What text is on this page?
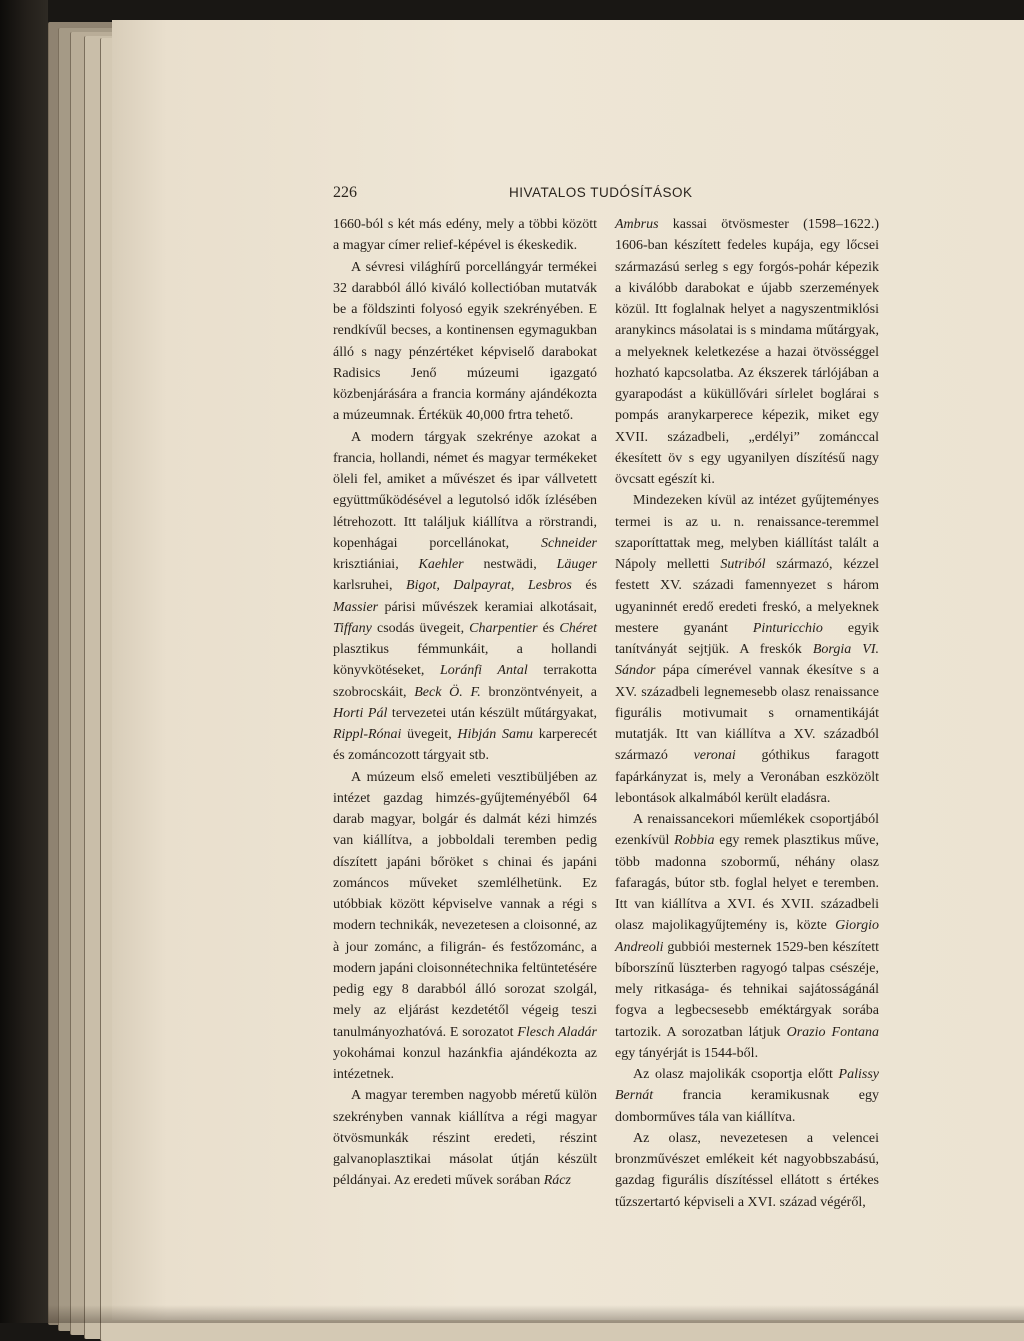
226	HIVATALOS TUDÓSÍTÁSOK

1660-ból s két más edény, mely a többi között a magyar címer relief-képével is ékeskedik.

A sévresi világhírű porcellángyár termékei 32 darabból álló kiváló kollectióban mutatvák be a földszinti folyosó egyik szekrényében. E rendkívűl becses, a kontinensen egymagukban álló s nagy pénzértéket képviselő darabokat Radisics Jenő múzeumi igazgató közbenjárására a francia kormány ajándékozta a múzeumnak. Értékük 40,000 frtra tehető.

A modern tárgyak szekrénye azokat a francia, hollandi, német és magyar termékeket öleli fel, amiket a művészet és ipar vállvetett együttműködésével a legutolsó idők ízlésében létrehozott. Itt találjuk kiállítva a rörstrandi, kopenhágai porcellánokat, Schneider krisztiániai, Kaehler nestwädi, Läuger karlsruhei, Bigot, Dalpayrat, Lesbros és Massier párisi művészek keramiai alkotásait, Tiffany csodás üvegeit, Charpentier és Chéret plasztikus fémmunkáit, a hollandi könyvkötéseket, Loránfi Antal terrakotta szobrocskáit, Beck Ö. F. bronzöntvényeit, a Horti Pál tervezetei után készült műtárgyakat, Rippl-Rónai üvegeit, Hibján Samu karperecét és zománcozott tárgyait stb.

A múzeum első emeleti vesztibüljében az intézet gazdag himzés-gyűjteményéből 64 darab magyar, bolgár és dalmát kézi himzés van kiállítva, a jobboldali teremben pedig díszített japáni bőröket s chinai és japáni zománcos műveket szemlélhetünk. Ez utóbbiak között képviselve vannak a régi s modern technikák, nevezetesen a cloisonné, az à jour zománc, a filigrán- és festőzománc, a modern japáni cloisonnétechnika feltüntetésére pedig egy 8 darabból álló sorozat szolgál, mely az eljárást kezdetétől végeig teszi tanulmányozhatóvá. E sorozatot Flesch Aladár yokohámai konzul hazánkfia ajándékozta az intézetnek.

A magyar teremben nagyobb méretű külön szekrényben vannak kiállítva a régi magyar ötvösmunkák részint eredeti, részint galvanoplasztikai másolat útján készült példányai. Az eredeti művek sorában Rácz

Ambrus kassai ötvösmester (1598–1622.) 1606-ban készített fedeles kupája, egy lőcsei származású serleg s egy forgós-pohár képezik a kiválóbb darabokat e újabb szerzemények közül. Itt foglalnak helyet a nagyszentmiklósi aranykincs másolatai is s mindama műtárgyak, a melyeknek keletkezése a hazai ötvösséggel hozható kapcsolatba. Az ékszerek tárlójában a gyarapodást a küküllővári sírlelet boglárai s pompás aranykarperece képezik, miket egy XVII. századbeli, „erdélyi” zománccal ékesített öv s egy ugyanilyen díszítésű nagy övcsatt egészít ki.

Mindezeken kívül az intézet gyűjteményes termei is az u. n. renaissance-teremmel szaporíttattak meg, melyben kiállítást talált a Nápoly melletti Sutriból származó, kézzel festett XV. századi famennyezet s három ugyaninnét eredő eredeti freskó, a melyeknek mestere gyanánt Pinturicchio egyik tanítványát sejtjük. A freskók Borgia VI. Sándor pápa címerével vannak ékesítve s a XV. századbeli legnemesebb olasz renaissance figurális motivumait s ornamentikáját mutatják. Itt van kiállítva a XV. századból származó veronai góthikus faragott fapárkányzat is, mely a Veronában eszközölt lebontások alkalmából került eladásra.

A renaissancekori műemlékek csoportjából ezenkívül Robbia egy remek plasztikus műve, több madonna szobormű, néhány olasz fafaragás, bútor stb. foglal helyet e teremben. Itt van kiállítva a XVI. és XVII. századbeli olasz majolikagyűjtemény is, közte Giorgio Andreoli gubbiói mesternek 1529-ben készített bíborszínű lüszterben ragyogó talpas csészéje, mely ritkasága- és tehnikai sajátosságánál fogva a legbecsesebb eméktárgyak sorába tartozik. A sorozatban látjuk Orazio Fontana egy tányérját is 1544-ből.

Az olasz majolikák csoportja előtt Palissy Bernát francia keramikusnak egy domborműves tála van kiállítva.

Az olasz, nevezetesen a velencei bronzművészet emlékeit két nagyobbszabású, gazdag figurális díszítéssel ellátott s értékes tűzszertartó képviseli a XVI. század végéről,
